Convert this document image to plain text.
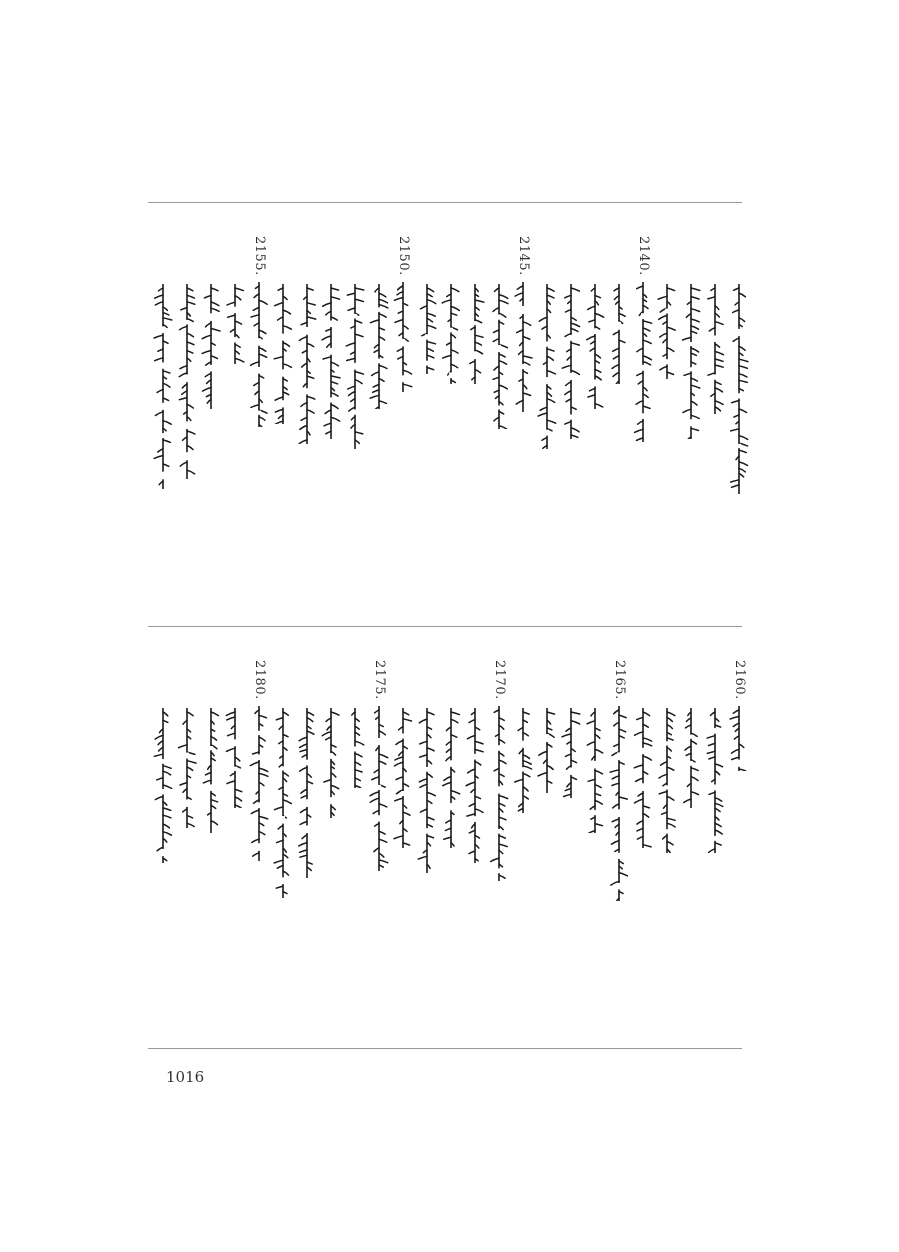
2155.	2150.	2145.	2140.
2180.	2175.	2170.	2165.	2160.
1016
